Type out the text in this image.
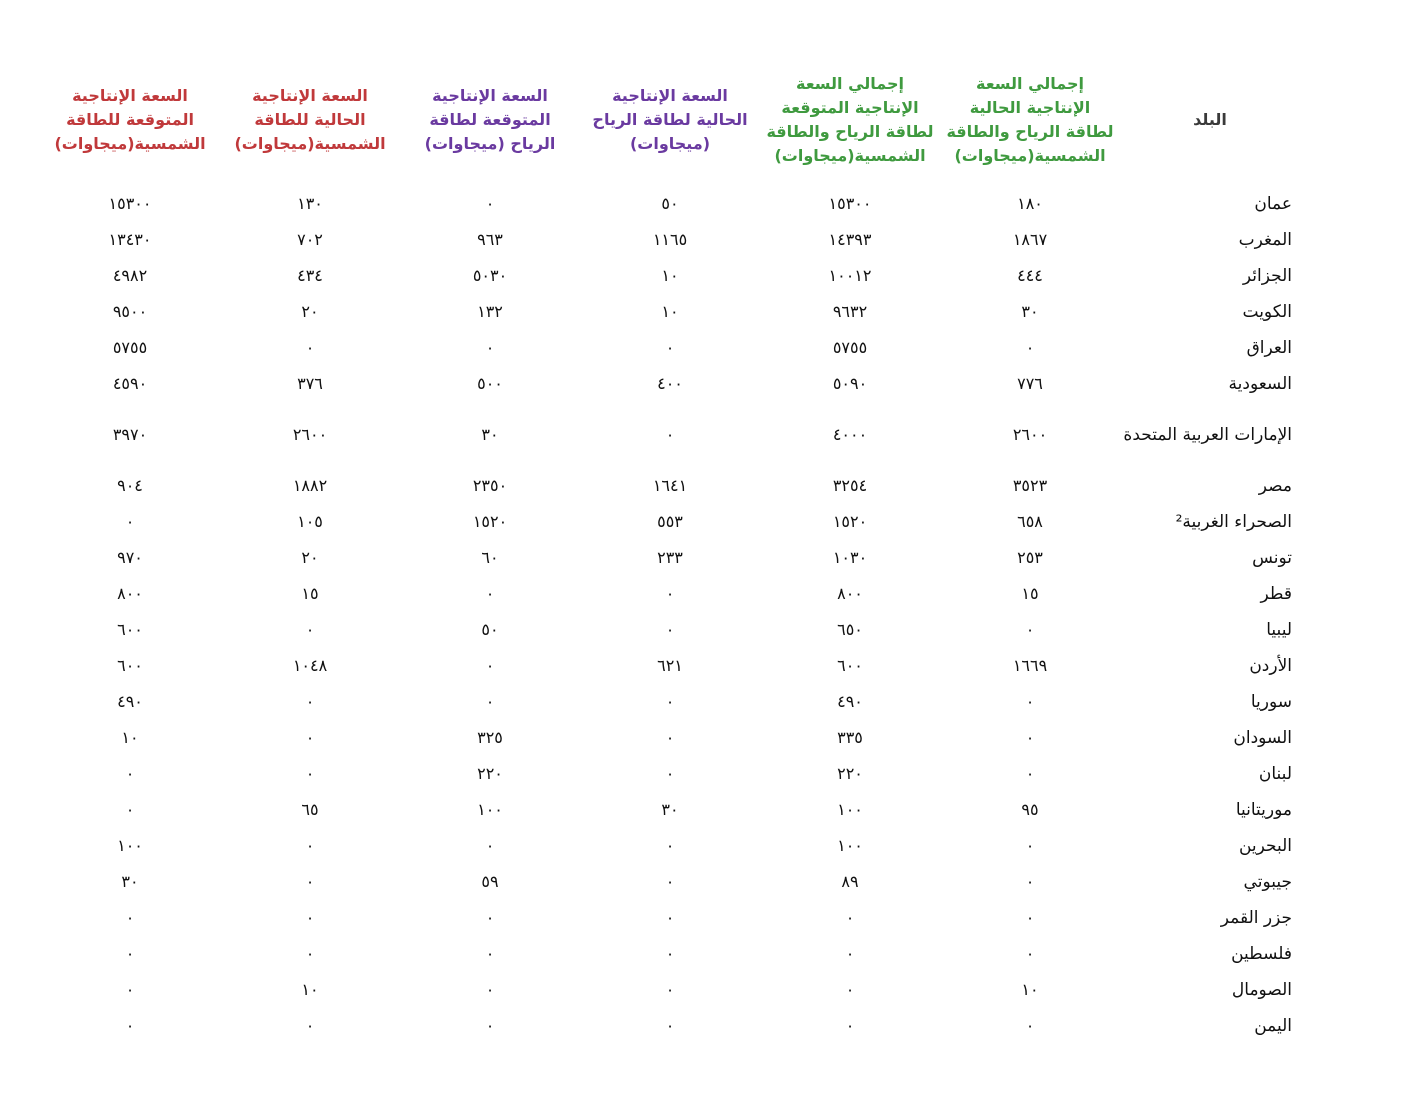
البلد	إجمالي السعة الإنتاجية الحالية لطاقة الرياح والطاقة الشمسية(ميجاوات)	إجمالي السعة الإنتاجية المتوقعة لطاقة الرياح والطاقة الشمسية(ميجاوات)	السعة الإنتاجية الحالية لطاقة الرياح (ميجاوات)	السعة الإنتاجية المتوقعة لطاقة الرياح (ميجاوات)	السعة الإنتاجية الحالية للطاقة الشمسية(ميجاوات)	السعة الإنتاجية المتوقعة للطاقة الشمسية(ميجاوات)
عمان	١٨٠	١٥٣٠٠	٥٠	٠	١٣٠	١٥٣٠٠
المغرب	١٨٦٧	١٤٣٩٣	١١٦٥	٩٦٣	٧٠٢	١٣٤٣٠
الجزائر	٤٤٤	١٠٠١٢	١٠	٥٠٣٠	٤٣٤	٤٩٨٢
الكويت	٣٠	٩٦٣٢	١٠	١٣٢	٢٠	٩٥٠٠
العراق	٠	٥٧٥٥	٠	٠	٠	٥٧٥٥
السعودية	٧٧٦	٥٠٩٠	٤٠٠	٥٠٠	٣٧٦	٤٥٩٠
الإمارات العربية المتحدة	٢٦٠٠	٤٠٠٠	٠	٣٠	٢٦٠٠	٣٩٧٠
مصر	٣٥٢٣	٣٢٥٤	١٦٤١	٢٣٥٠	١٨٨٢	٩٠٤
الصحراء الغربية²	٦٥٨	١٥٢٠	٥٥٣	١٥٢٠	١٠٥	٠
تونس	٢٥٣	١٠٣٠	٢٣٣	٦٠	٢٠	٩٧٠
قطر	١٥	٨٠٠	٠	٠	١٥	٨٠٠
ليبيا	٠	٦٥٠	٠	٥٠	٠	٦٠٠
الأردن	١٦٦٩	٦٠٠	٦٢١	٠	١٠٤٨	٦٠٠
سوريا	٠	٤٩٠	٠	٠	٠	٤٩٠
السودان	٠	٣٣٥	٠	٣٢٥	٠	١٠
لبنان	٠	٢٢٠	٠	٢٢٠	٠	٠
موريتانيا	٩٥	١٠٠	٣٠	١٠٠	٦٥	٠
البحرين	٠	١٠٠	٠	٠	٠	١٠٠
جيبوتي	٠	٨٩	٠	٥٩	٠	٣٠
جزر القمر	٠	٠	٠	٠	٠	٠
فلسطين	٠	٠	٠	٠	٠	٠
الصومال	١٠	٠	٠	٠	١٠	٠
اليمن	٠	٠	٠	٠	٠	٠
